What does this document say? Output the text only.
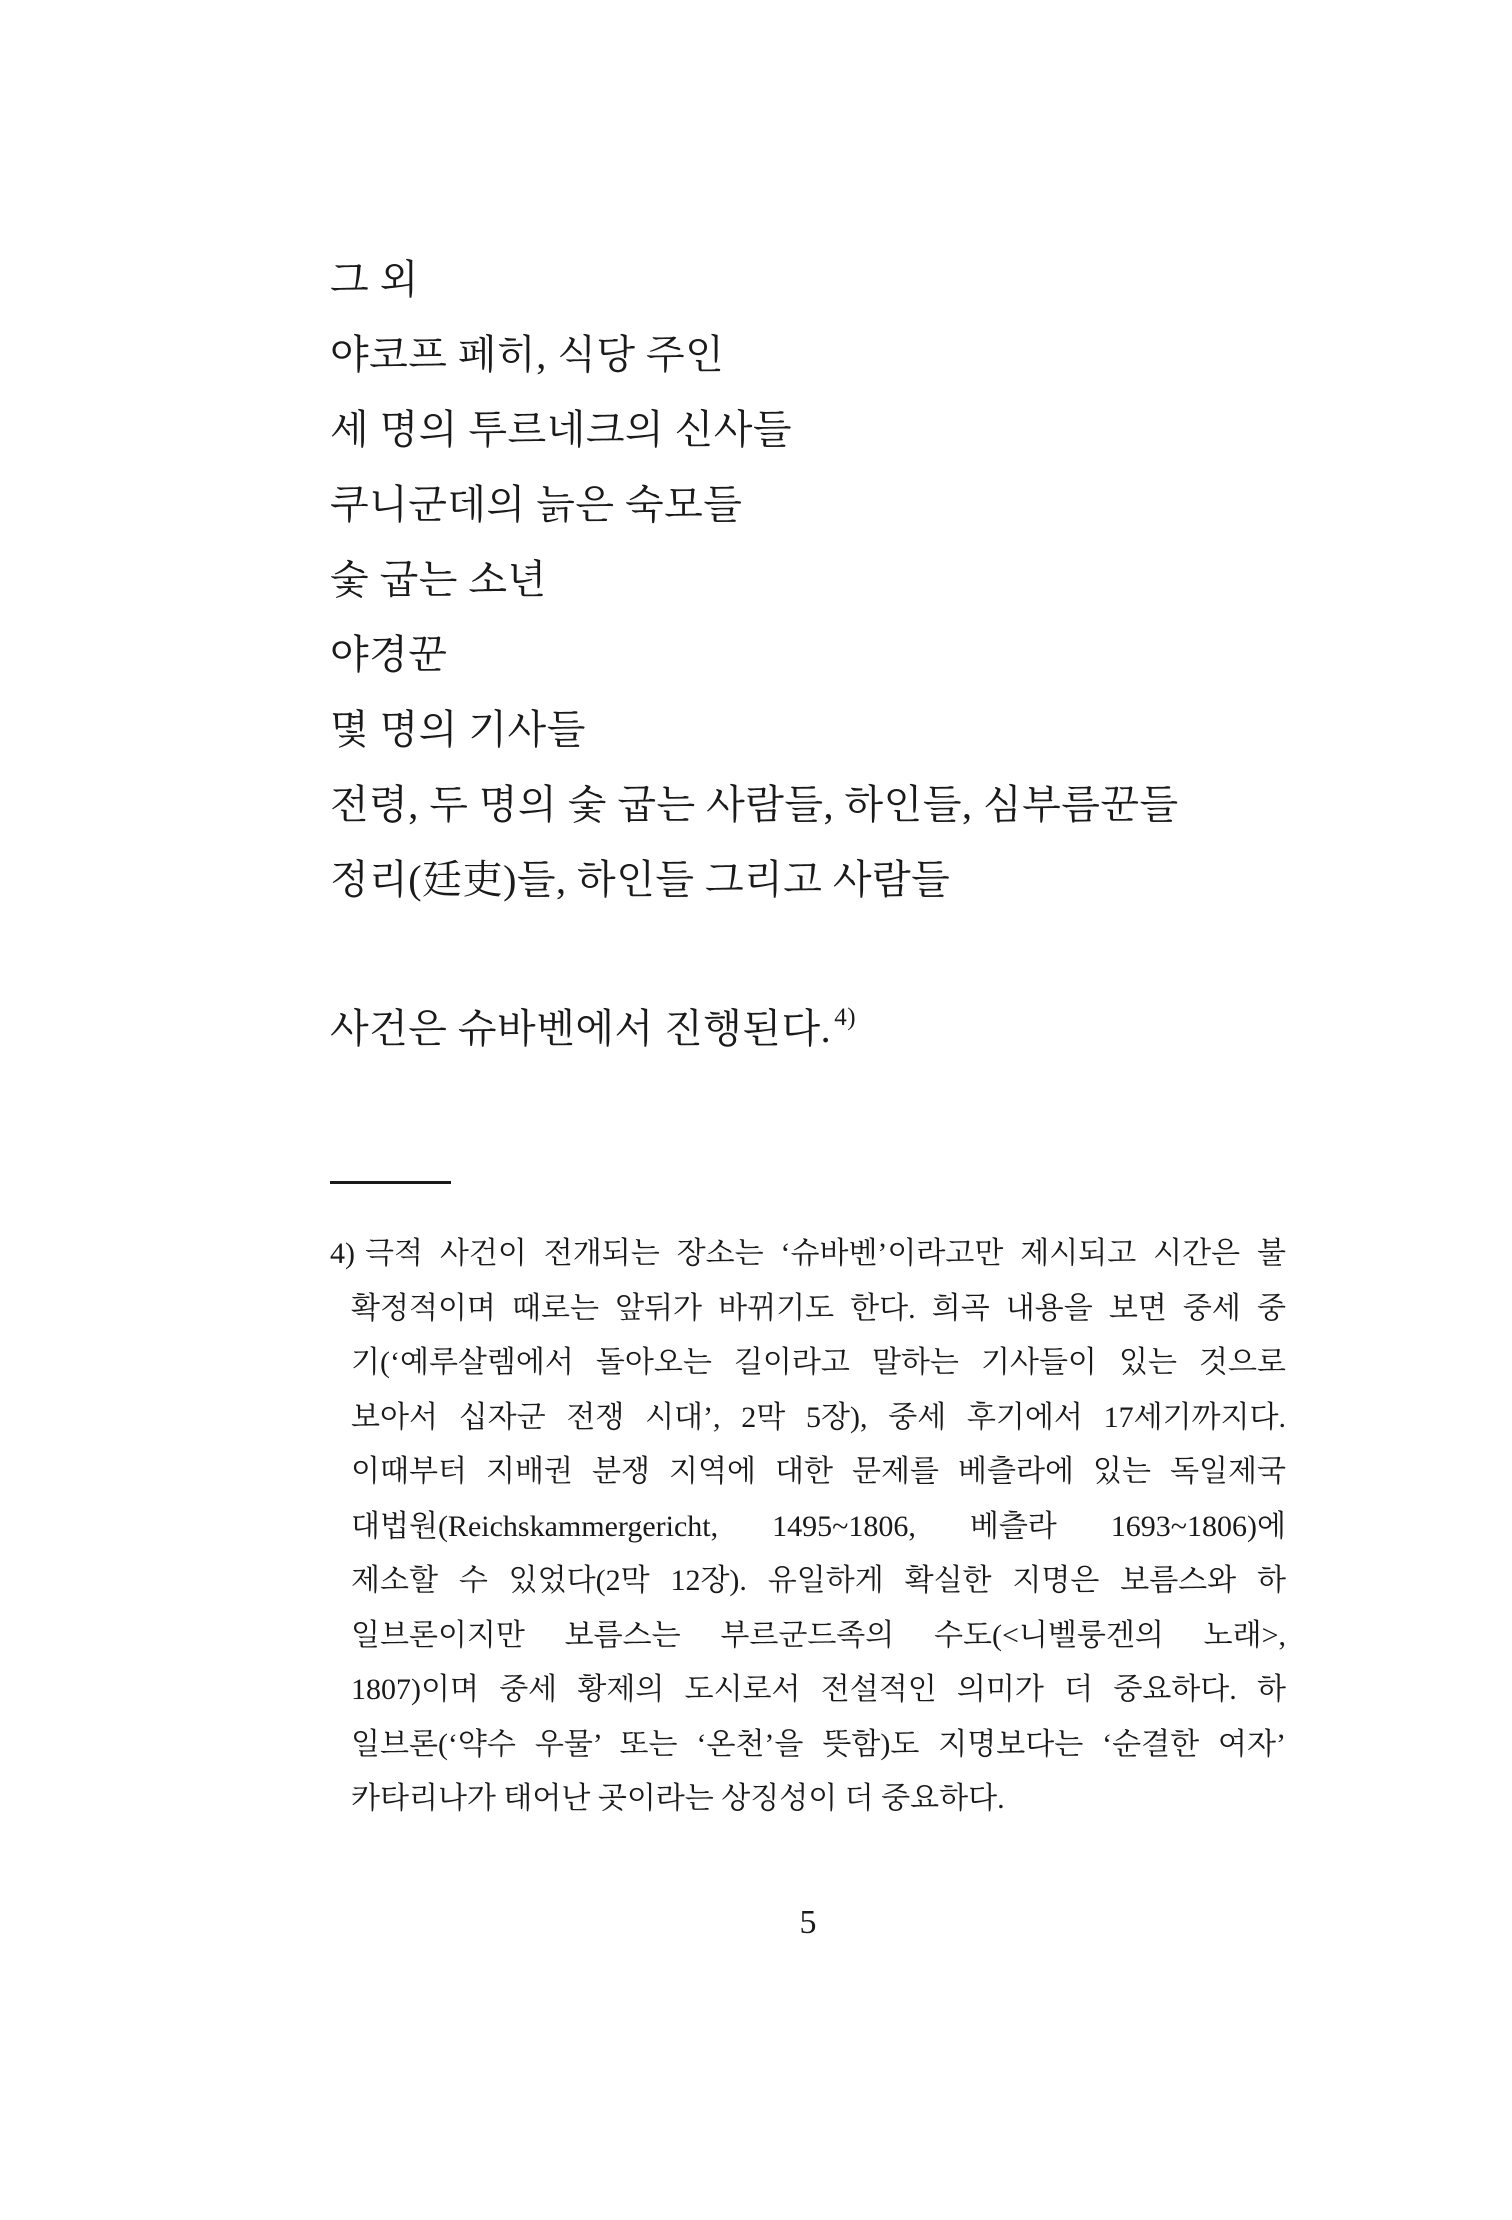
그 외
야코프 페히, 식당 주인
세 명의 투르네크의 신사들
쿠니군데의 늙은 숙모들
숯 굽는 소년
야경꾼
몇 명의 기사들
전령, 두 명의 숯 굽는 사람들, 하인들, 심부름꾼들
정리(廷吏)들, 하인들 그리고 사람들
사건은 슈바벤에서 진행된다. 4)
4) 극적 사건이 전개되는 장소는 ‘슈바벤’이라고만 제시되고 시간은 불
확정적이며 때로는 앞뒤가 바뀌기도 한다. 희곡 내용을 보면 중세 중
기(‘예루살렘에서 돌아오는 길이라고 말하는 기사들이 있는 것으로
보아서 십자군 전쟁 시대’, 2막 5장), 중세 후기에서 17세기까지다.
이때부터 지배권 분쟁 지역에 대한 문제를 베츨라에 있는 독일제국
대법원(Reichskammergericht, 1495~1806, 베츨라 1693~1806)에
제소할 수 있었다(2막 12장). 유일하게 확실한 지명은 보름스와 하
일브론이지만 보름스는 부르군드족의 수도(<니벨룽겐의 노래>,
1807)이며 중세 황제의 도시로서 전설적인 의미가 더 중요하다. 하
일브론(‘약수 우물’ 또는 ‘온천’을 뜻함)도 지명보다는 ‘순결한 여자’
카타리나가 태어난 곳이라는 상징성이 더 중요하다.
5
